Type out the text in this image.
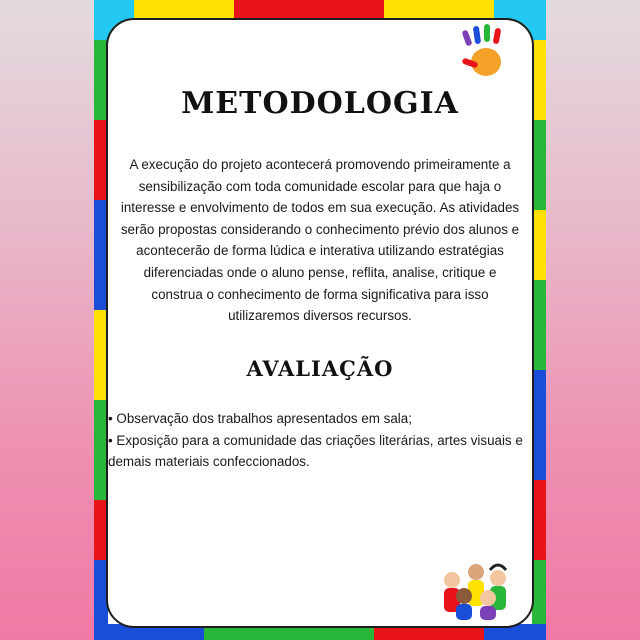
METODOLOGIA
A execução do projeto acontecerá promovendo primeiramente a sensibilização com toda comunidade escolar para que haja o interesse e envolvimento de todos em sua execução. As atividades serão propostas considerando o conhecimento prévio dos alunos e acontecerão de forma lúdica e interativa utilizando estratégias diferenciadas onde o aluno pense, reflita, analise, critique e construa o conhecimento de forma significativa para isso utilizaremos diversos recursos.
AVALIAÇÃO
• Observação dos trabalhos apresentados em sala;
• Exposição para a comunidade das criações literárias, artes visuais e demais materiais confeccionados.
